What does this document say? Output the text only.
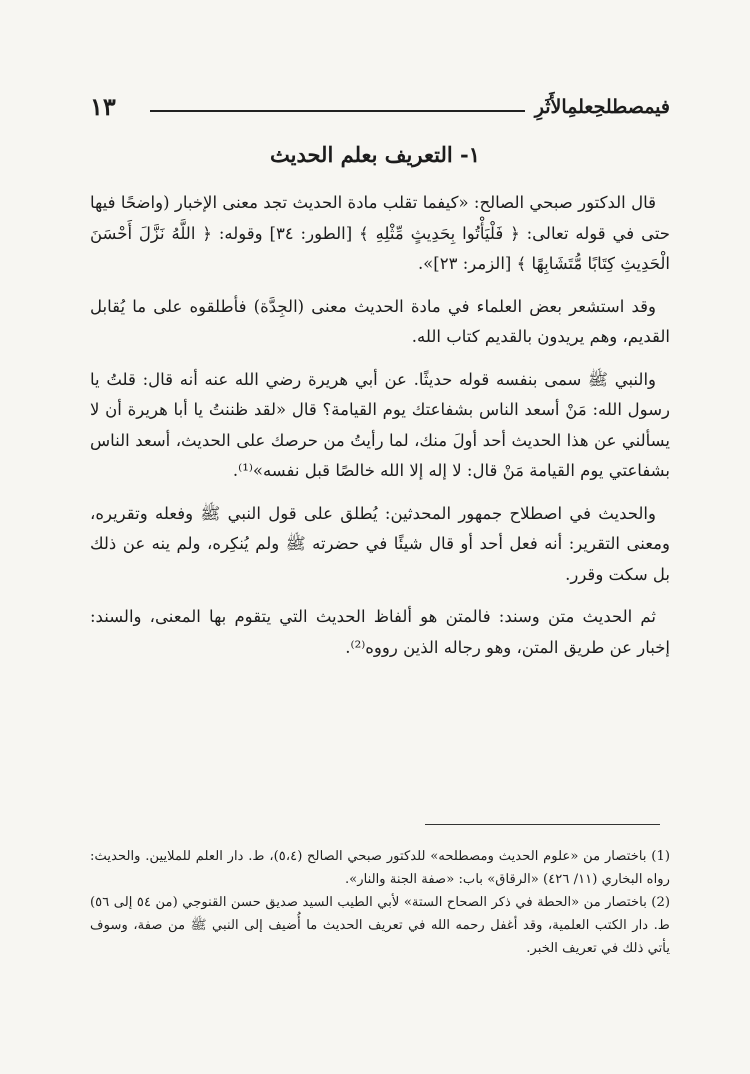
فيمصطلحِعلمِالأَثَرِ
١٣
١- التعريف بعلم الحديث

قال الدكتور صبحي الصالح: «كيفما تقلب مادة الحديث تجد معنى الإخبار (واضحًا فيها حتى في قوله تعالى: ﴿ فَلْيَأْتُوا بِحَدِيثٍ مِّثْلِهِ ﴾ [الطور: ٣٤] وقوله: ﴿ اللَّهُ نَزَّلَ أَحْسَنَ الْحَدِيثِ كِتَابًا مُّتَشَابِهًا ﴾ [الزمر: ٢٣]».

وقد استشعر بعض العلماء في مادة الحديث معنى (الجِدَّة) فأطلقوه على ما يُقابل القديم، وهم يريدون بالقديم كتاب الله.

والنبي ﷺ سمى بنفسه قوله حديثًا. عن أبي هريرة رضي الله عنه أنه قال: قلتُ يا رسول الله: مَنْ أسعد الناس بشفاعتك يوم القيامة؟ قال «لقد ظننتُ يا أبا هريرة أن لا يسألني عن هذا الحديث أحد أولَ منك، لما رأيتُ من حرصك على الحديث، أسعد الناس بشفاعتي يوم القيامة مَنْ قال: لا إله إلا الله خالصًا قبل نفسه»⁽¹⁾.

والحديث في اصطلاح جمهور المحدثين: يُطلق على قول النبي ﷺ وفعله وتقريره، ومعنى التقرير: أنه فعل أحد أو قال شيئًا في حضرته ﷺ ولم يُنكِره، ولم ينه عن ذلك بل سكت وقرر.

ثم الحديث متن وسند: فالمتن هو ألفاظ الحديث التي يتقوم بها المعنى، والسند: إخبار عن طريق المتن، وهو رجاله الذين رووه⁽²⁾.

(1) باختصار من «علوم الحديث ومصطلحه» للدكتور صبحي الصالح (٥،٤)، ط. دار العلم للملايين. والحديث: رواه البخاري (١١/ ٤٢٦) «الرقاق» باب: «صفة الجنة والنار».

(2) باختصار من «الحطة في ذكر الصحاح الستة» لأبي الطيب السيد صديق حسن القنوجي (من ٥٤ إلى ٥٦) ط. دار الكتب العلمية، وقد أغفل رحمه الله في تعريف الحديث ما أُضيف إلى النبي ﷺ من صفة، وسوف يأتي ذلك في تعريف الخبر.
